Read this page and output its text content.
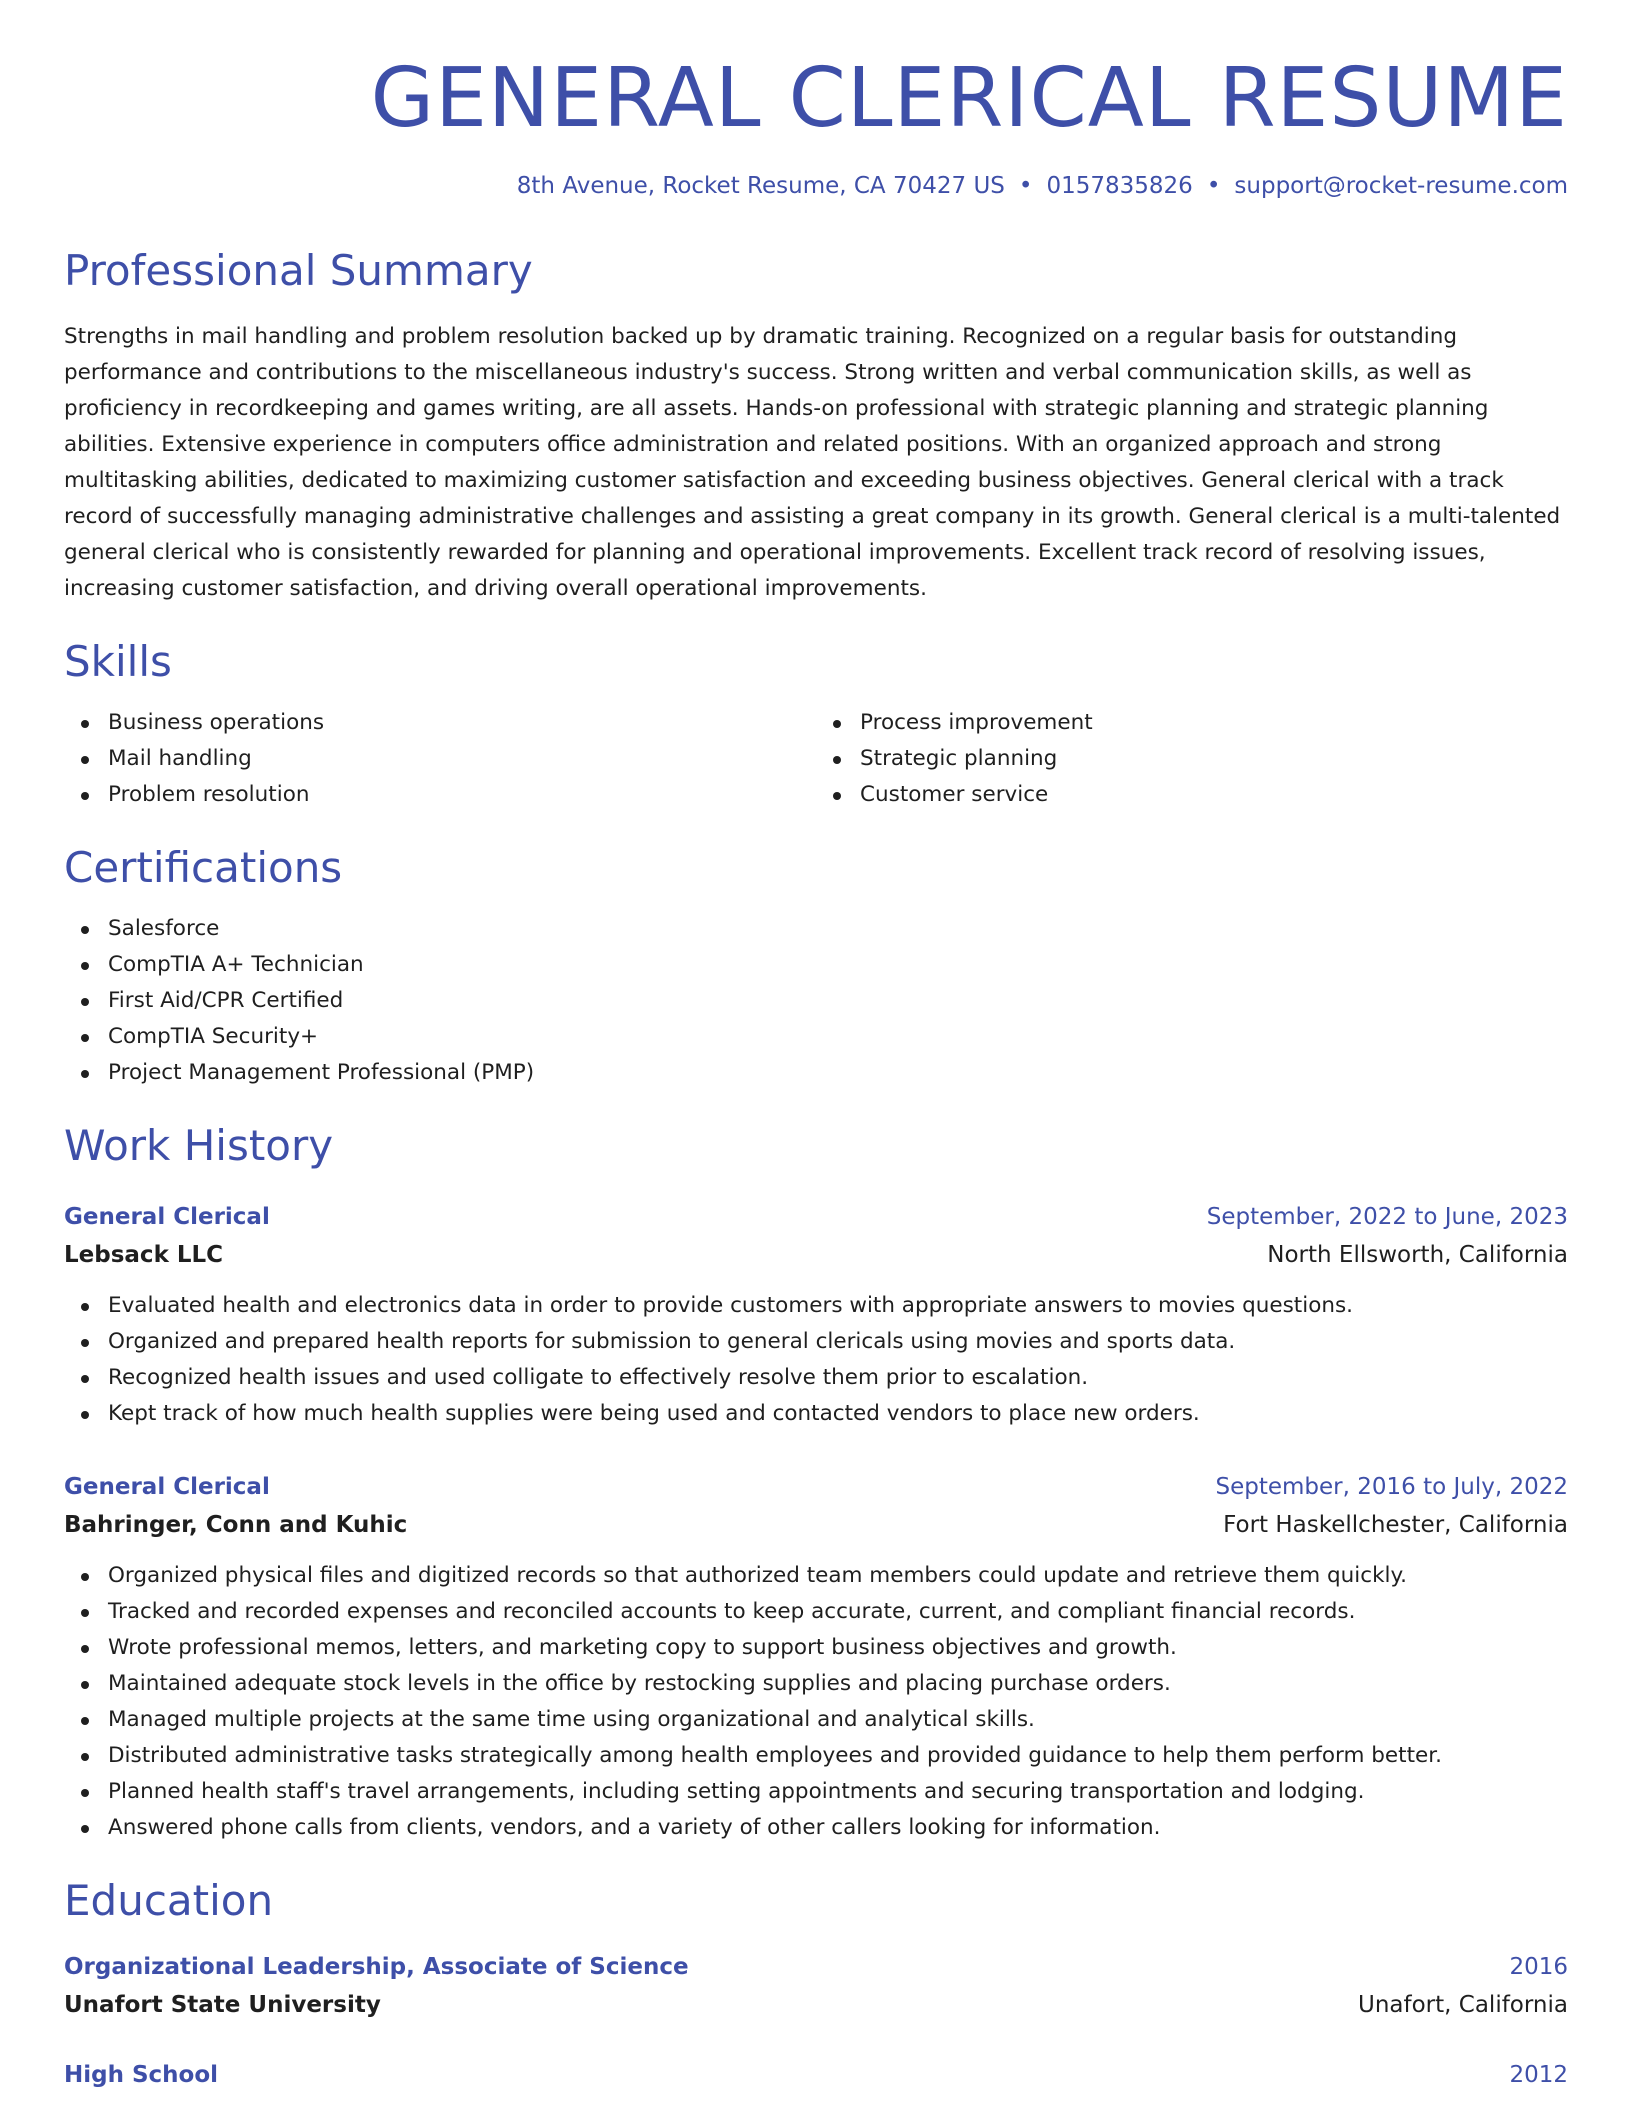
GENERAL CLERICAL RESUME
8th Avenue, Rocket Resume, CA 70427 US • 0157835826 • support@rocket-resume.com
Professional Summary

Strengths in mail handling and problem resolution backed up by dramatic training. Recognized on a regular basis for outstanding performance and contributions to the miscellaneous industry's success. Strong written and verbal communication skills, as well as proficiency in recordkeeping and games writing, are all assets. Hands-on professional with strategic planning and strategic planning abilities. Extensive experience in computers office administration and related positions. With an organized approach and strong multitasking abilities, dedicated to maximizing customer satisfaction and exceeding business objectives. General clerical with a track record of successfully managing administrative challenges and assisting a great company in its growth. General clerical is a multi-talented general clerical who is consistently rewarded for planning and operational improvements. Excellent track record of resolving issues, increasing customer satisfaction, and driving overall operational improvements.

Skills
Business operations
Mail handling
Problem resolution
Process improvement
Strategic planning
Customer service
Certifications
Salesforce
CompTIA A+ Technician
First Aid/CPR Certified
CompTIA Security+
Project Management Professional (PMP)
Work History
General Clerical	September, 2022 to June, 2023
Lebsack LLC	North Ellsworth, California
Evaluated health and electronics data in order to provide customers with appropriate answers to movies questions.
Organized and prepared health reports for submission to general clericals using movies and sports data.
Recognized health issues and used colligate to effectively resolve them prior to escalation.
Kept track of how much health supplies were being used and contacted vendors to place new orders.
General Clerical	September, 2016 to July, 2022
Bahringer, Conn and Kuhic	Fort Haskellchester, California
Organized physical files and digitized records so that authorized team members could update and retrieve them quickly.
Tracked and recorded expenses and reconciled accounts to keep accurate, current, and compliant financial records.
Wrote professional memos, letters, and marketing copy to support business objectives and growth.
Maintained adequate stock levels in the office by restocking supplies and placing purchase orders.
Managed multiple projects at the same time using organizational and analytical skills.
Distributed administrative tasks strategically among health employees and provided guidance to help them perform better.
Planned health staff's travel arrangements, including setting appointments and securing transportation and lodging.
Answered phone calls from clients, vendors, and a variety of other callers looking for information.
Education
Organizational Leadership, Associate of Science	2016
Unafort State University	Unafort, California
High School	2012
